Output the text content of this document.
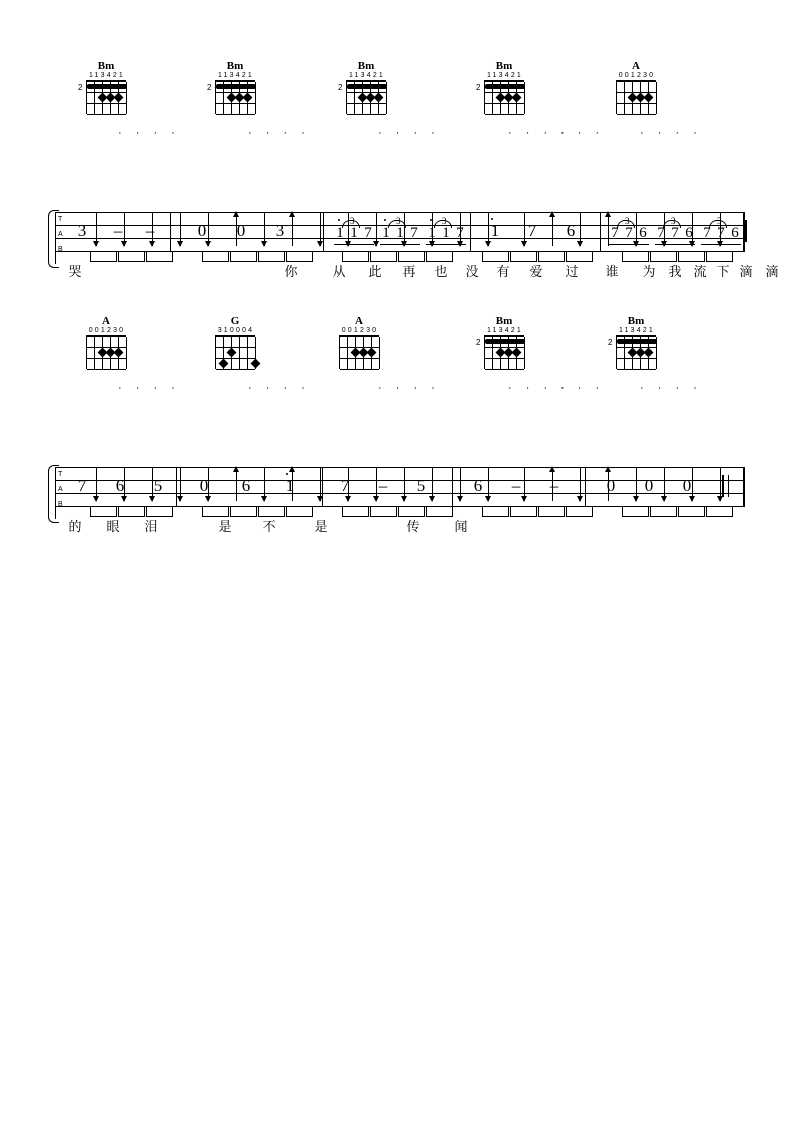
Bm
113421
2
Bm
113421
2
Bm
113421
2
Bm
113421
2
A
001230
· · · ·	· · · ·	· · · ·	· · · ·
· · ·	· · · ·
T
A
B
3 – –	0 0 3	3
1 1 7
3
1 1 7
3
1 1 7 1 7 6	3
7 7 6
3
7 7 6
3
7 7 6
哭	你	从 此 再 也 没 有 爱 过 谁 为 我 流 下 滴 滴
A
001230
G
310004
A
001230
Bm
113421
2
Bm
113421
2
· · · ·	· · · ·	· · · ·	· · · ·
· · ·	· · · ·
T
A
B
7 6 5 0 6 1	7 – 5	6 – –	0 0 0
的 眼 泪	是 不	是	传	闻
